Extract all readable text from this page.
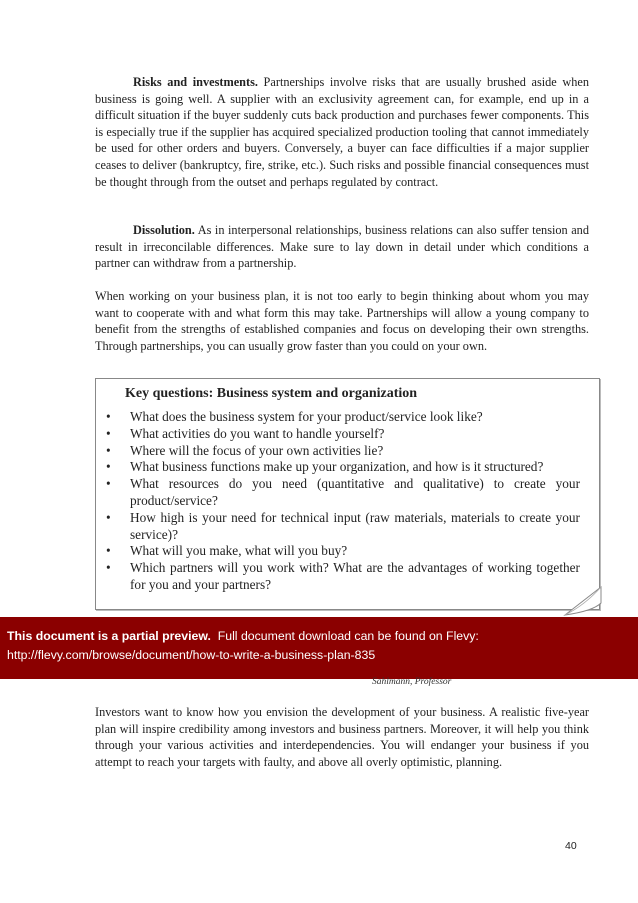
Risks and investments. Partnerships involve risks that are usually brushed aside when business is going well. A supplier with an exclusivity agreement can, for example, end up in a difficult situation if the buyer suddenly cuts back production and purchases fewer components. This is especially true if the supplier has acquired specialized production tooling that cannot immediately be used for other orders and buyers. Conversely, a buyer can face difficulties if a major supplier ceases to deliver (bankruptcy, fire, strike, etc.). Such risks and possible financial consequences must be thought through from the outset and perhaps regulated by contract.

Dissolution. As in interpersonal relationships, business relations can also suffer tension and result in irreconcilable differences. Make sure to lay down in detail under which conditions a partner can withdraw from a partnership.

When working on your business plan, it is not too early to begin thinking about whom you may want to cooperate with and what form this may take. Partnerships will allow a young company to benefit from the strengths of established companies and focus on developing their own strengths. Through partnerships, you can usually grow faster than you could on your own.

Key questions: Business system and organization

• What does the business system for your product/service look like?
• What activities do you want to handle yourself?
• Where will the focus of your own activities lie?
• What business functions make up your organization, and how is it structured?
• What resources do you need (quantitative and qualitative) to create your product/service?
• How high is your need for technical input (raw materials, materials to create your service)?
• What will you make, what will you buy?
• Which partners will you work with? What are the advantages of working together for you and your partners?
This document is a partial preview. Full document download can be found on Flevy:
http://flevy.com/browse/document/how-to-write-a-business-plan-835

Sahlmann, Professor

Investors want to know how you envision the development of your business. A realistic five-year plan will inspire credibility among investors and business partners. Moreover, it will help you think through your various activities and interdependencies. You will endanger your business if you attempt to reach your targets with faulty, and above all overly optimistic, planning.

40
